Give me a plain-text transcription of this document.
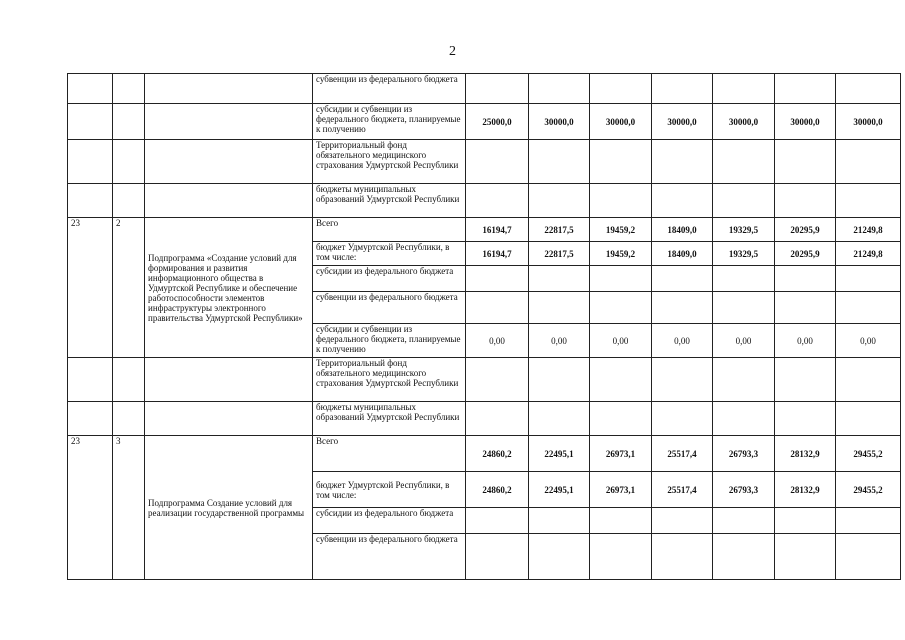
2
			субвенции из федерального бюджета							
			субсидии и субвенции из федерального бюджета, планируемые к получению	25000,0	30000,0	30000,0	30000,0	30000,0	30000,0	30000,0
			Территориальный фонд обязательного медицинского страхования Удмуртской Республики							
			бюджеты муниципальных образований Удмуртской Республики							
23	2	Подпрограмма «Создание условий для формирования и развития информационного общества в Удмуртской Республике и обеспечение работоспособности элементов инфраструктуры электронного правительства Удмуртской Республики»	Всего	16194,7	22817,5	19459,2	18409,0	19329,5	20295,9	21249,8
			бюджет Удмуртской Республики, в том числе:	16194,7	22817,5	19459,2	18409,0	19329,5	20295,9	21249,8
			субсидии из федерального бюджета							
			субвенции из федерального бюджета							
			субсидии и субвенции из федерального бюджета, планируемые к получению	0,00	0,00	0,00	0,00	0,00	0,00	0,00
			Территориальный фонд обязательного медицинского страхования Удмуртской Республики							
			бюджеты муниципальных образований Удмуртской Республики							
23	3	Подпрограмма Создание условий для реализации государственной программы	Всего	24860,2	22495,1	26973,1	25517,4	26793,3	28132,9	29455,2
			бюджет Удмуртской Республики, в том числе:	24860,2	22495,1	26973,1	25517,4	26793,3	28132,9	29455,2
			субсидии из федерального бюджета							
			субвенции из федерального бюджета							
